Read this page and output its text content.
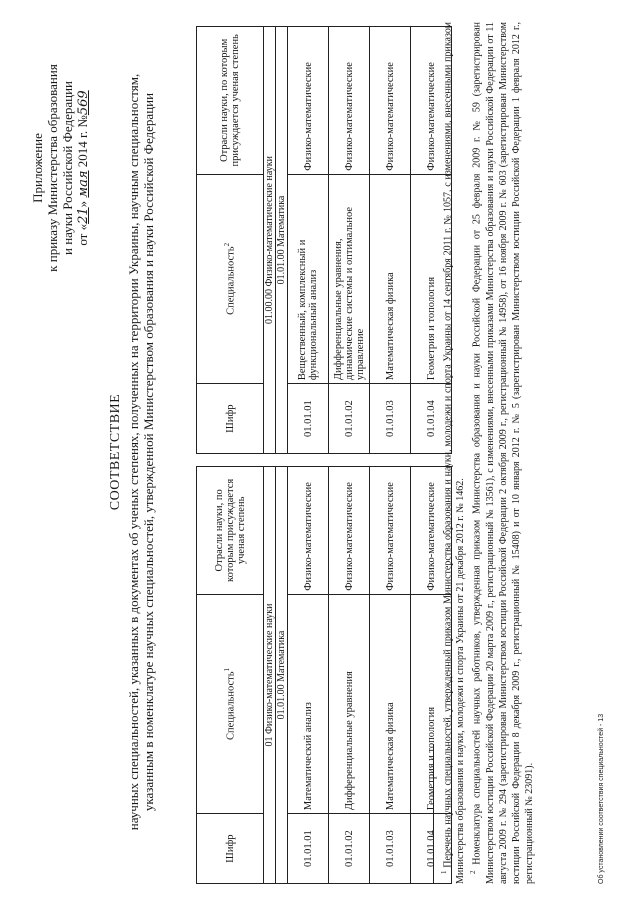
Приложение к приказу Министерства образования и науки Российской Федерации от «21» мая 2014 г. №569
СООТВЕТСТВИЕ научных специальностей, указанных в документах об ученых степенях, полученных на территории Украины, научным специальностям, указанным в номенклатуре научных специальностей, утвержденной Министерством образования и науки Российской Федерации
Шифр	Специальность$^1$	Отрасли науки, по которым присуждается ученая степень
01 Физико-математические науки		
01.01.00 Математика		
01.01.01	Математический анализ	Физико-математические
01.01.02	Дифференциальные уравнения	Физико-математические
01.01.03	Математическая физика	Физико-математические
01.01.04	Геометрия и топология	Физико-математические
Шифр	Специальность$^2$	Отрасли науки, по которым присуждается ученая степень
01.00.00 Физико-математические науки		
01.01.00 Математика		
01.01.01	Вещественный, комплексный и функциональный анализ	Физико-математические
01.01.02	Дифференциальные уравнения, динамические системы и оптимальное управление	Физико-математические
01.01.03	Математическая физика	Физико-математические
01.01.04	Геометрия и топология	Физико-математические

$^1$ Перечень научных специальностей, утвержденный приказом Министерства образования и науки, молодежи и спорта Украины от 14 сентября 2011 г. № 1057, с изменениями, внесенными приказом Министерства образования и науки, молодежи и спорта Украины от 21 декабря 2012 г. № 1462. $^2$ Номенклатура специальностей научных работников, утвержденная приказом Министерства образования и науки Российской Федерации от 25 февраля 2009 г. № 59 (зарегистрирован Министерством юстиции Российской Федерации 20 марта 2009 г., регистрационный № 13561), с изменениями, внесенными приказами Министерства образования и науки Российской Федерации от 11 августа 2009 г. № 294 (зарегистрирован Министерством юстиции Российской Федерации 2 октября 2009 г., регистрационный № 14958), от 16 ноября 2009 г. № 603 (зарегистрирован Министерством юстиции Российской Федерации 8 декабря 2009 г., регистрационный № 15408) и от 10 января 2012 г. № 5 (зарегистрирован Министерством юстиции Российской Федерации 1 февраля 2012 г., регистрационный № 23091).	Об установлении соответствия специальностей - 13
